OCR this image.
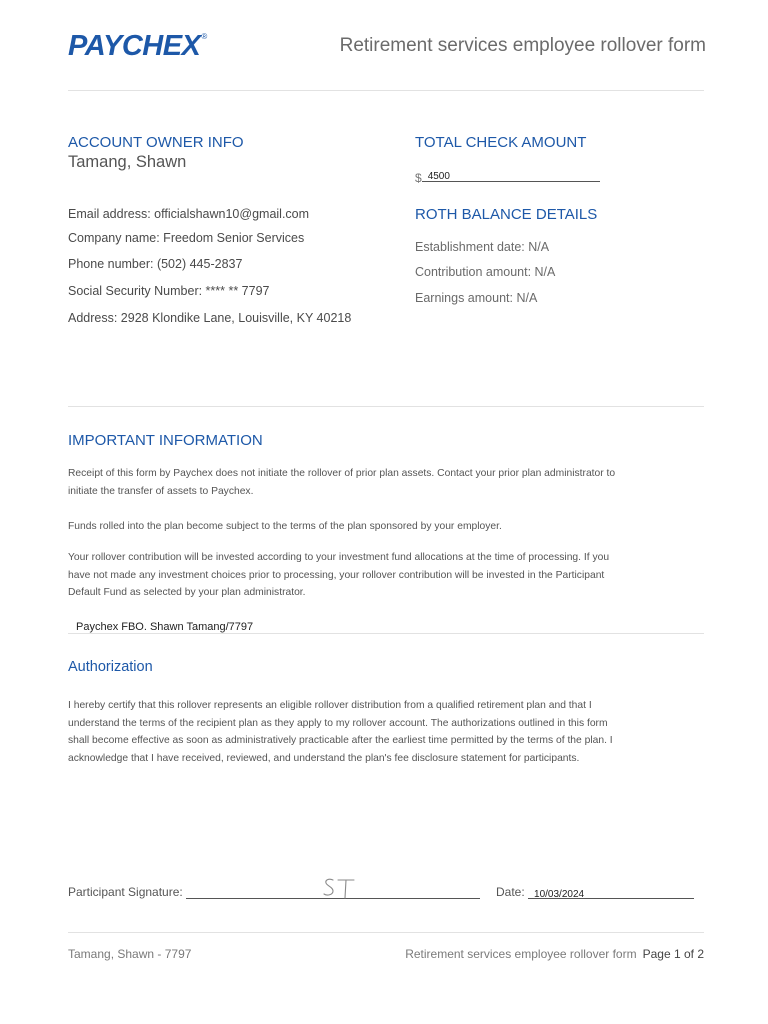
PAYCHEX®	Retirement services employee rollover form
ACCOUNT OWNER INFO
Tamang, Shawn
Email address: officialshawn10@gmail.com
Company name: Freedom Senior Services
Phone number: (502) 445-2837
Social Security Number: **** ** 7797
Address: 2928 Klondike Lane, Louisville, KY 40218
TOTAL CHECK AMOUNT
$ 4500
ROTH BALANCE DETAILS
Establishment date: N/A
Contribution amount: N/A
Earnings amount: N/A
IMPORTANT INFORMATION
Receipt of this form by Paychex does not initiate the rollover of prior plan assets. Contact your prior plan administrator to initiate the transfer of assets to Paychex.
Funds rolled into the plan become subject to the terms of the plan sponsored by your employer.
Your rollover contribution will be invested according to your investment fund allocations at the time of processing. If you have not made any investment choices prior to processing, your rollover contribution will be invested in the Participant Default Fund as selected by your plan administrator.
Paychex FBO. Shawn Tamang/7797
Authorization
I hereby certify that this rollover represents an eligible rollover distribution from a qualified retirement plan and that I understand the terms of the recipient plan as they apply to my rollover account. The authorizations outlined in this form shall become effective as soon as administratively practicable after the earliest time permitted by the terms of the plan. I acknowledge that I have received, reviewed, and understand the plan's fee disclosure statement for participants.
Participant Signature:	Date: 10/03/2024
Tamang, Shawn - 7797	Retirement services employee rollover form Page 1 of 2
